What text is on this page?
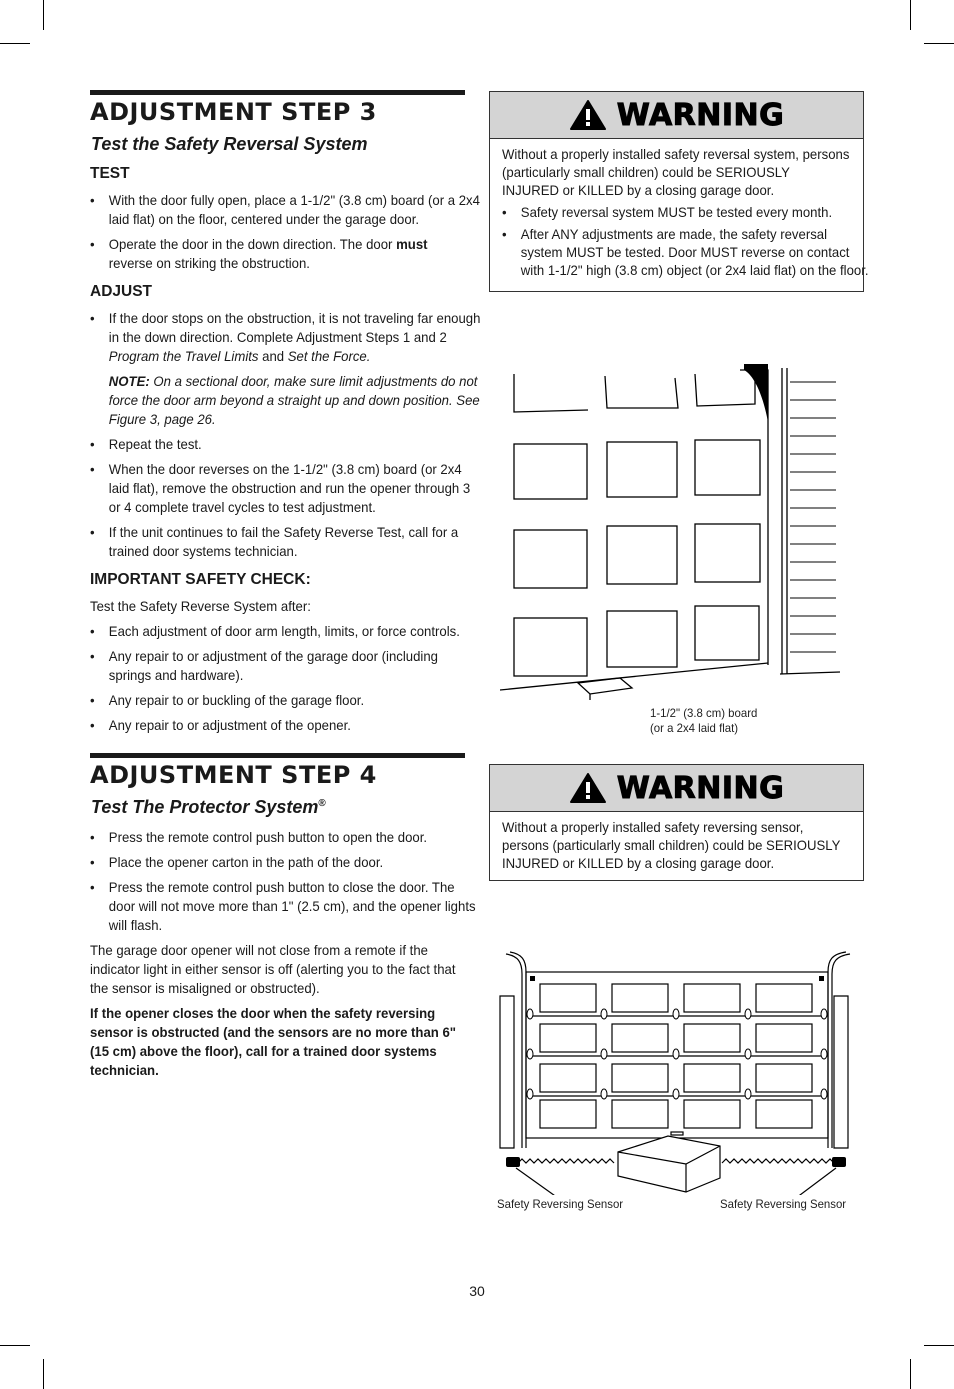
ADJUSTMENT STEP 3
Test the Safety Reversal System
TEST
• With the door fully open, place a 1-1/2" (3.8 cm) board (or a 2x4 laid flat) on the floor, centered under the garage door.
• Operate the door in the down direction. The door must
reverse on striking the obstruction.
ADJUST
• If the door stops on the obstruction, it is not traveling far enough in the down direction. Complete Adjustment Steps 1 and 2 Program the Travel Limits and Set the Force.
NOTE: On a sectional door, make sure limit adjustments do not force the door arm beyond a straight up and down position. See Figure 3, page 26.
• Repeat the test.
• When the door reverses on the 1-1/2" (3.8 cm) board (or 2x4 laid flat), remove the obstruction and run the opener through 3 or 4 complete travel cycles to test adjustment.
• If the unit continues to fail the Safety Reverse Test, call for a trained door systems technician.
IMPORTANT SAFETY CHECK:
Test the Safety Reverse System after:
• Each adjustment of door arm length, limits, or force controls.
• Any repair to or adjustment of the garage door (including springs and hardware).
• Any repair to or buckling of the garage floor.
• Any repair to or adjustment of the opener.
ADJUSTMENT STEP 4
Test The Protector System®
• Press the remote control push button to open the door.
• Place the opener carton in the path of the door.
• Press the remote control push button to close the door. The door will not move more than 1" (2.5 cm), and the opener lights will flash.
The garage door opener will not close from a remote if the indicator light in either sensor is off (alerting you to the fact that the sensor is misaligned or obstructed).
If the opener closes the door when the safety reversing sensor is obstructed (and the sensors are no more than 6" (15 cm) above the floor), call for a trained door systems technician.
WARNING
Without a properly installed safety reversal system, persons (particularly small children) could be SERIOUSLY INJURED or KILLED by a closing garage door.
• Safety reversal system MUST be tested every month.
• After ANY adjustments are made, the safety reversal system MUST be tested. Door MUST reverse on contact with 1-1/2" high (3.8 cm) object (or 2x4 laid flat) on the floor.
1-1/2" (3.8 cm) board
(or a 2x4 laid flat)
WARNING
Without a properly installed safety reversing sensor, persons (particularly small children) could be SERIOUSLY INJURED or KILLED by a closing garage door.
Safety Reversing Sensor	Safety Reversing Sensor
30
